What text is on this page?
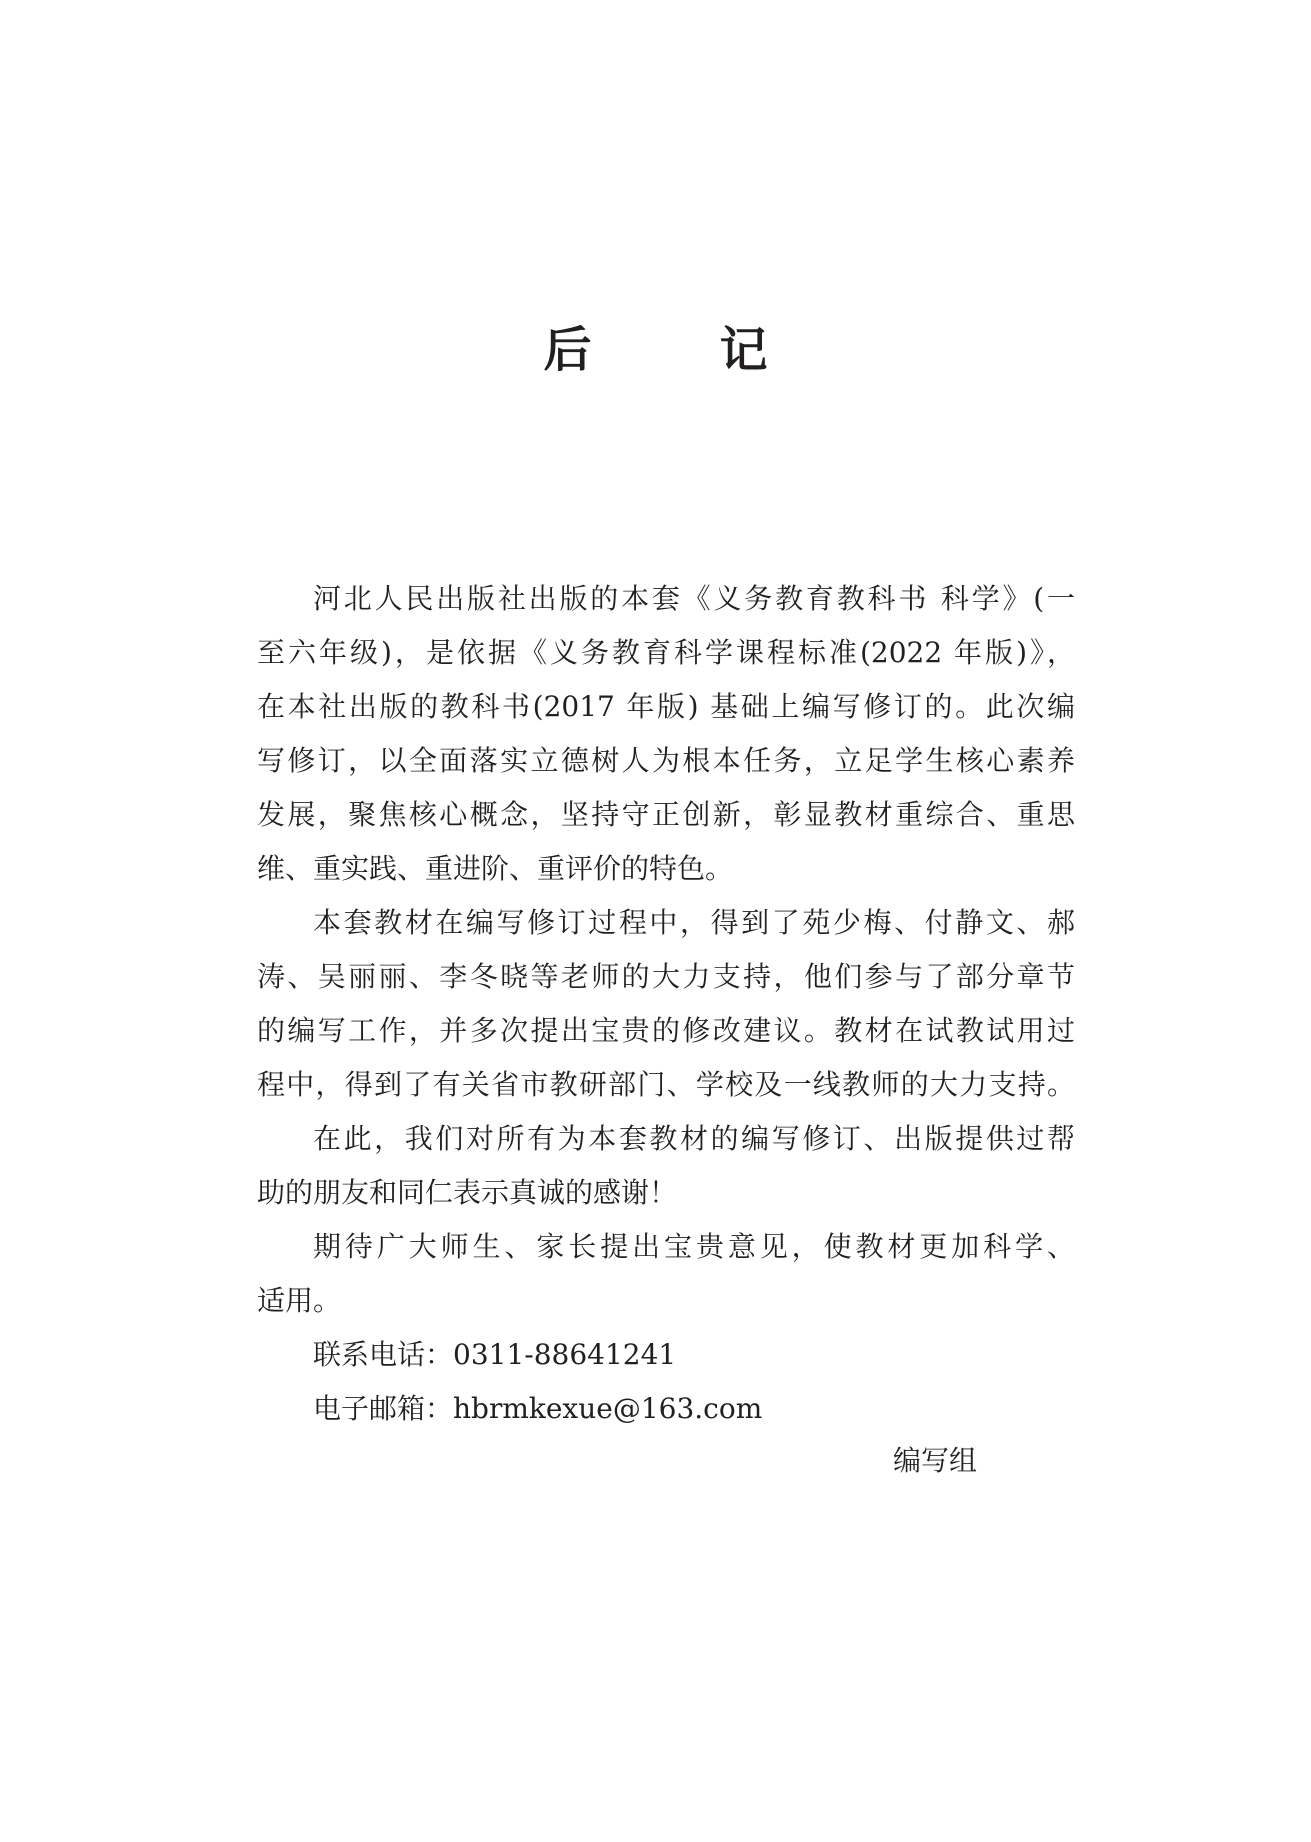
后　记
河北人民出版社出版的本套《义务教育教科书 科学》(一
至六年级)，是依据《义务教育科学课程标准(2022 年版)》，
在本社出版的教科书(2017 年版) 基础上编写修订的。此次编
写修订，以全面落实立德树人为根本任务，立足学生核心素养
发展，聚焦核心概念，坚持守正创新，彰显教材重综合、重思
维、重实践、重进阶、重评价的特色。
本套教材在编写修订过程中，得到了苑少梅、付静文、郝
涛、吴丽丽、李冬晓等老师的大力支持，他们参与了部分章节
的编写工作，并多次提出宝贵的修改建议。教材在试教试用过
程中，得到了有关省市教研部门、学校及一线教师的大力支持。
在此，我们对所有为本套教材的编写修订、出版提供过帮
助的朋友和同仁表示真诚的感谢！
期待广大师生、家长提出宝贵意见，使教材更加科学、
适用。
联系电话：0311-88641241
电子邮箱：hbrmkexue@163.com
编写组
